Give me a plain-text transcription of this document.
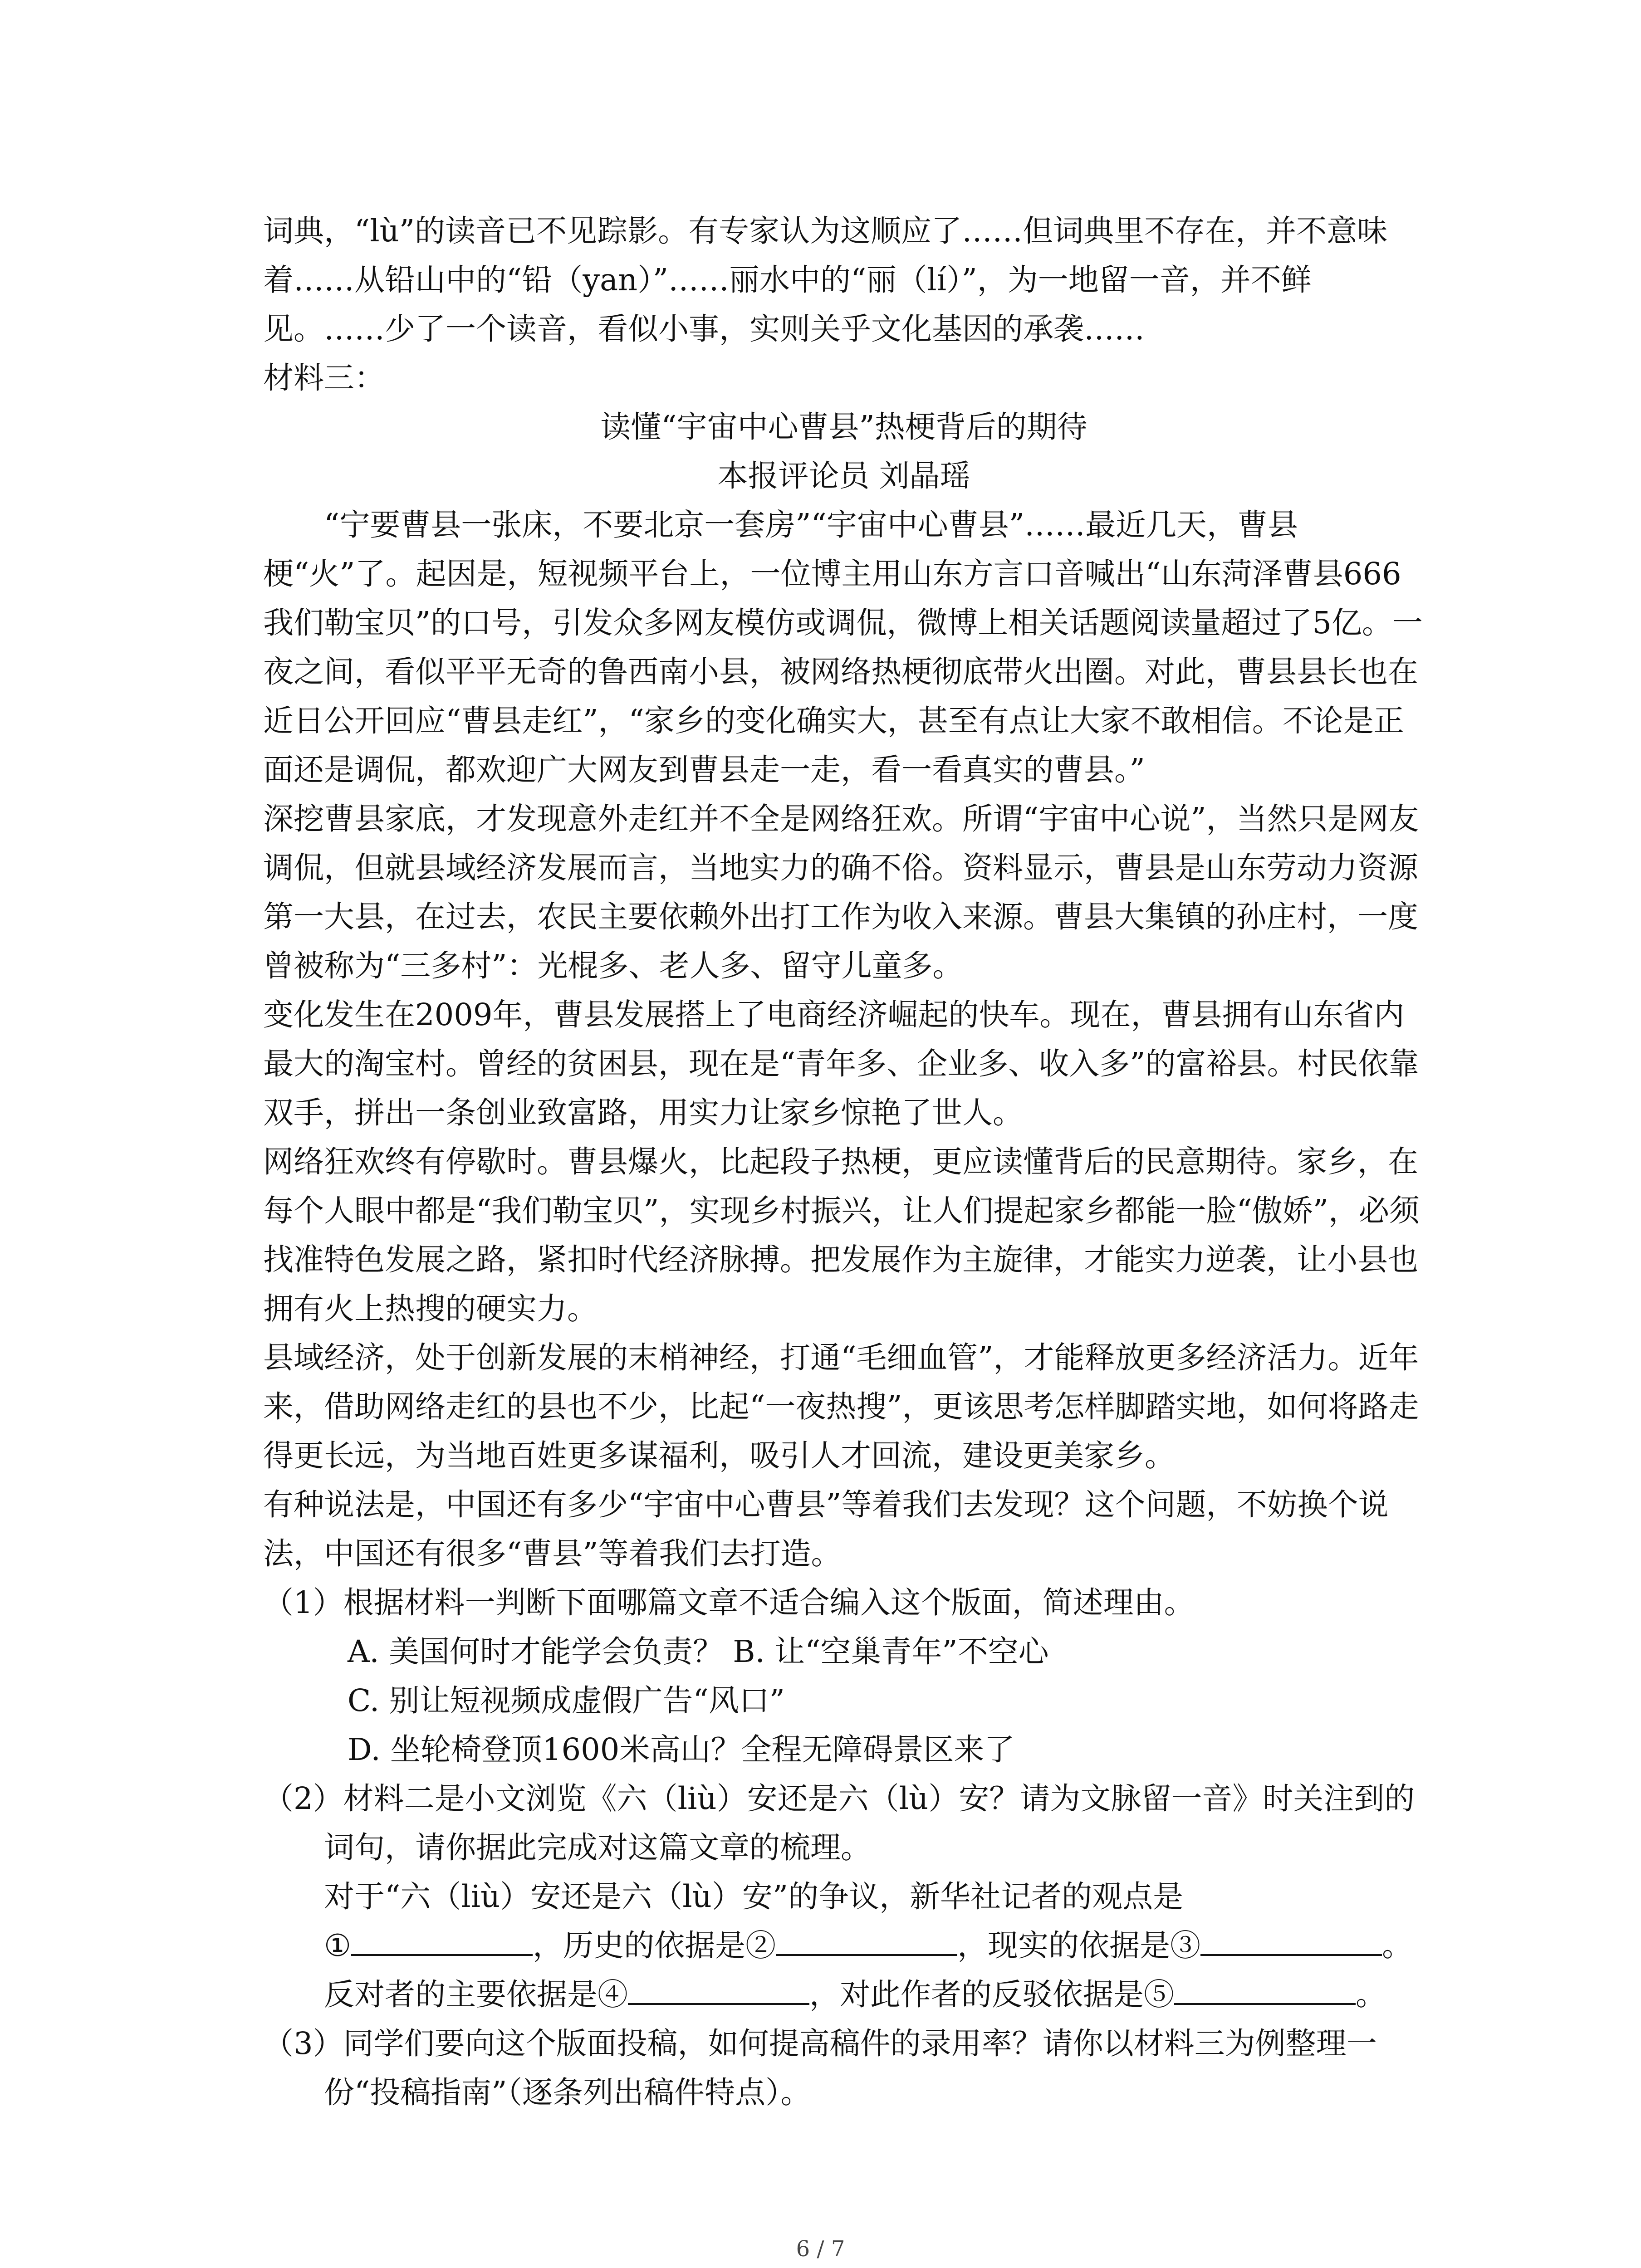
词典，“lù”的读音已不见踪影。有专家认为这顺应了……但词典里不存在，并不意味着……从铅山中的“铅（yan）”……丽水中的“丽（lí）”，为一地留一音，并不鲜见。……少了一个读音，看似小事，实则关乎文化基因的承袭……

材料三：

读懂“宇宙中心曹县”热梗背后的期待

本报评论员 刘晶瑶

“宁要曹县一张床，不要北京一套房”“宇宙中心曹县”……最近几天，曹县梗“火”了。起因是，短视频平台上，一位博主用山东方言口音喊出“山东菏泽曹县666我们勒宝贝”的口号，引发众多网友模仿或调侃，微博上相关话题阅读量超过了5亿。一夜之间，看似平平无奇的鲁西南小县，被网络热梗彻底带火出圈。对此，曹县县长也在近日公开回应“曹县走红”，“家乡的变化确实大，甚至有点让大家不敢相信。不论是正面还是调侃，都欢迎广大网友到曹县走一走，看一看真实的曹县。”

深挖曹县家底，才发现意外走红并不全是网络狂欢。所谓“宇宙中心说”，当然只是网友调侃，但就县域经济发展而言，当地实力的确不俗。资料显示，曹县是山东劳动力资源第一大县，在过去，农民主要依赖外出打工作为收入来源。曹县大集镇的孙庄村，一度曾被称为“三多村”：光棍多、老人多、留守儿童多。

变化发生在2009年，曹县发展搭上了电商经济崛起的快车。现在，曹县拥有山东省内最大的淘宝村。曾经的贫困县，现在是“青年多、企业多、收入多”的富裕县。村民依靠双手，拼出一条创业致富路，用实力让家乡惊艳了世人。

网络狂欢终有停歇时。曹县爆火，比起段子热梗，更应读懂背后的民意期待。家乡，在每个人眼中都是“我们勒宝贝”，实现乡村振兴，让人们提起家乡都能一脸“傲娇”，必须找准特色发展之路，紧扣时代经济脉搏。把发展作为主旋律，才能实力逆袭，让小县也拥有火上热搜的硬实力。

县域经济，处于创新发展的末梢神经，打通“毛细血管”，才能释放更多经济活力。近年来，借助网络走红的县也不少，比起“一夜热搜”，更该思考怎样脚踏实地，如何将路走得更长远，为当地百姓更多谋福利，吸引人才回流，建设更美家乡。

有种说法是，中国还有多少“宇宙中心曹县”等着我们去发现？这个问题，不妨换个说法，中国还有很多“曹县”等着我们去打造。

（1）根据材料一判断下面哪篇文章不适合编入这个版面，简述理由。

A. 美国何时才能学会负责？ B. 让“空巢青年”不空心

C. 别让短视频成虚假广告“风口”

D. 坐轮椅登顶1600米高山？全程无障碍景区来了

（2）材料二是小文浏览《六（liù）安还是六（lù）安？请为文脉留一音》时关注到的词句，请你据此完成对这篇文章的梳理。

对于“六（liù）安还是六（lù）安”的争议，新华社记者的观点是

①	，历史的依据是②	，现实的依据是③	。

反对者的主要依据是④	，对此作者的反驳依据是⑤	。

（3）同学们要向这个版面投稿，如何提高稿件的录用率？请你以材料三为例整理一份“投稿指南”（逐条列出稿件特点）。

6 / 7
